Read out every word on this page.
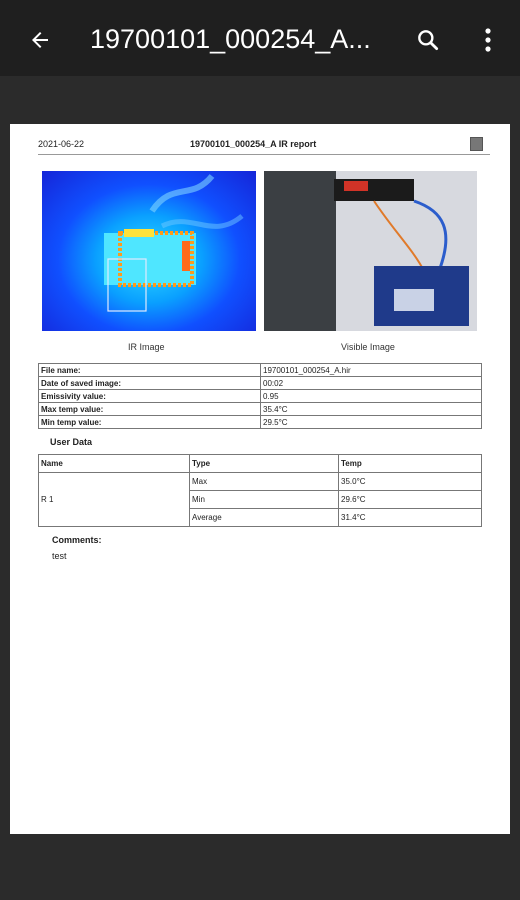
19700101_000254_A...
2021-06-22	19700101_000254_A IR report
IR Image	Visible Image
File name:	19700101_000254_A.hir
Date of saved image:	00:02
Emissivity value:	0.95
Max temp value:	35.4°C
Min temp value:	29.5°C
User Data
Name	Type	Temp
R 1	Max	35.0°C
	Min	29.6°C
	Average	31.4°C
Comments:
test
